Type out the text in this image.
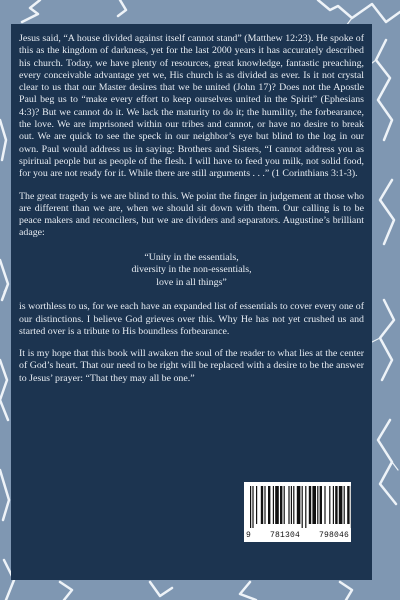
Jesus said, “A house divided against itself cannot stand” (Matthew 12:23). He spoke of this as the kingdom of darkness, yet for the last 2000 years it has accurately described his church. Today, we have plenty of resources, great knowledge, fantastic preaching, every conceivable advantage yet we, His church is as divided as ever. Is it not crystal clear to us that our Master desires that we be united (John 17)? Does not the Apostle Paul beg us to “make every effort to keep ourselves united in the Spirit” (Ephesians 4:3)? But we cannot do it. We lack the maturity to do it; the humility, the forbearance, the love. We are imprisoned within our tribes and cannot, or have no desire to break out. We are quick to see the speck in our neighbor’s eye but blind to the log in our own. Paul would address us in saying: Brothers and Sisters, “I cannot address you as spiritual people but as people of the flesh. I will have to feed you milk, not solid food, for you are not ready for it. While there are still arguments . . .” (1 Corinthians 3:1-3).

The great tragedy is we are blind to this. We point the finger in judgement at those who are different than we are, when we should sit down with them. Our calling is to be peace makers and reconcilers, but we are dividers and separators. Augustine’s brilliant adage:

“Unity in the essentials,
diversity in the non-essentials,
love in all things”

is worthless to us, for we each have an expanded list of essentials to cover every one of our distinctions. I believe God grieves over this. Why He has not yet crushed us and started over is a tribute to His boundless forbearance.

It is my hope that this book will awaken the soul of the reader to what lies at the center of God’s heart. That our need to be right will be replaced with a desire to be the answer to Jesus’ prayer: “That they may all be one.”

9 781304 798046
